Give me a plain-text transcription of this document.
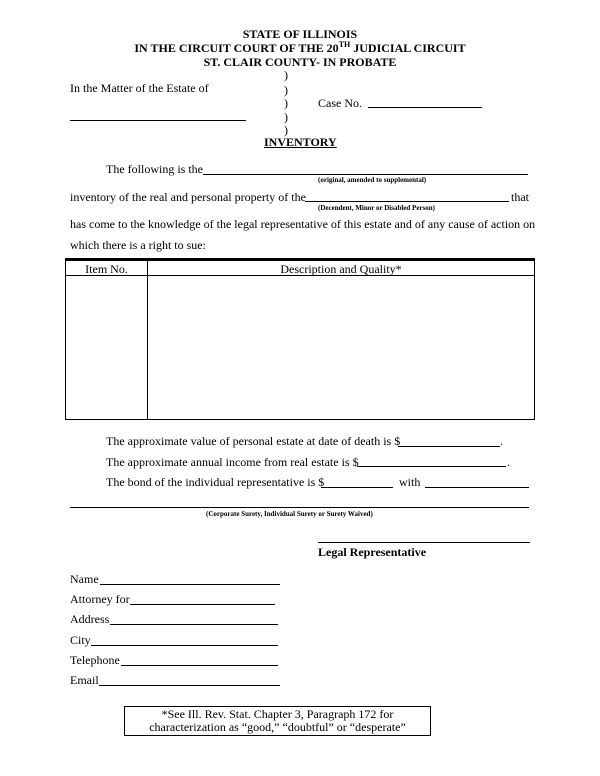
STATE OF ILLINOIS
IN THE CIRCUIT COURT OF THE 20TH JUDICIAL CIRCUIT
ST. CLAIR COUNTY- IN PROBATE
In the Matter of the Estate of
)
)
)
)
)
Case No.
INVENTORY
The following is the
(original, amended to supplemental)
inventory of the real and personal property of the	that
(Decendent, Minor or Disabled Person)
has come to the knowledge of the legal representative of this estate and of any cause of action on
which there is a right to sue:
Item No.	Description and Quality*
The approximate value of personal estate at date of death is $	.
The approximate annual income from real estate is $	.
The bond of the individual representative is $	with
(Corporate Surety, Individual Surety or Surety Waived)
Legal Representative
Name
Attorney for
Address
City
Telephone
Email
*See Ill. Rev. Stat. Chapter 3, Paragraph 172 for
characterization as “good,” “doubtful” or “desperate”
